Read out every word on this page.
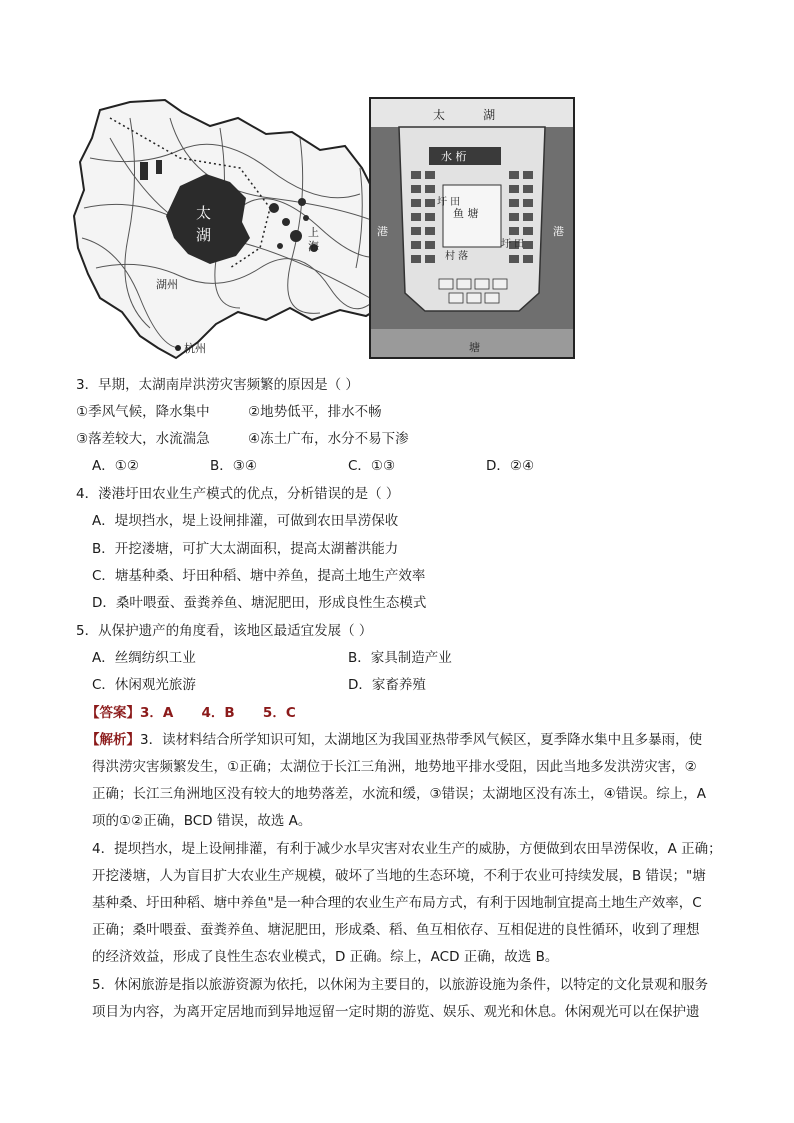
太
湖	上
海
湖州
杭州
太          湖
鱼 塘
水 桁
圩 田
圩 田
村 落
港	港
塘
3．早期，太湖南岸洪涝灾害频繁的原因是（ ）
①季风气候，降水集中	②地势低平，排水不畅
③落差较大，水流湍急	④冻土广布，水分不易下渗
A．①②	B．③④	C．①③	D．②④
4．溇港圩田农业生产模式的优点，分析错误的是（ ）
A．堤坝挡水，堤上设闸排灌，可做到农田旱涝保收
B．开挖溇塘，可扩大太湖面积，提高太湖蓄洪能力
C．塘基种桑、圩田种稻、塘中养鱼，提高土地生产效率
D．桑叶喂蚕、蚕粪养鱼、塘泥肥田，形成良性生态模式
5．从保护遗产的角度看，该地区最适宜发展（ ）
A．丝绸纺织工业	B．家具制造产业
C．休闲观光旅游	D．家畜养殖
【答案】3．A      4．B      5．C
【解析】3．读材料结合所学知识可知，太湖地区为我国亚热带季风气候区，夏季降水集中且多暴雨，使
得洪涝灾害频繁发生，①正确；太湖位于长江三角洲，地势地平排水受阻，因此当地多发洪涝灾害，②
正确；长江三角洲地区没有较大的地势落差，水流和缓，③错误；太湖地区没有冻土，④错误。综上，A
项的①②正确，BCD 错误，故选 A。
4．提坝挡水，堤上设闸排灌，有利于减少水旱灾害对农业生产的威胁，方便做到农田旱涝保收，A 正确；
开挖溇塘，人为盲目扩大农业生产规模，破坏了当地的生态环境，不利于农业可持续发展，B 错误；"塘
基种桑、圩田种稻、塘中养鱼"是一种合理的农业生产布局方式，有利于因地制宜提高土地生产效率，C
正确；桑叶喂蚕、蚕粪养鱼、塘泥肥田，形成桑、稻、鱼互相依存、互相促进的良性循环，收到了理想
的经济效益，形成了良性生态农业模式，D 正确。综上，ACD 正确，故选 B。
5．休闲旅游是指以旅游资源为依托，以休闲为主要目的，以旅游设施为条件，以特定的文化景观和服务
项目为内容，为离开定居地而到异地逗留一定时期的游览、娱乐、观光和休息。休闲观光可以在保护遗
